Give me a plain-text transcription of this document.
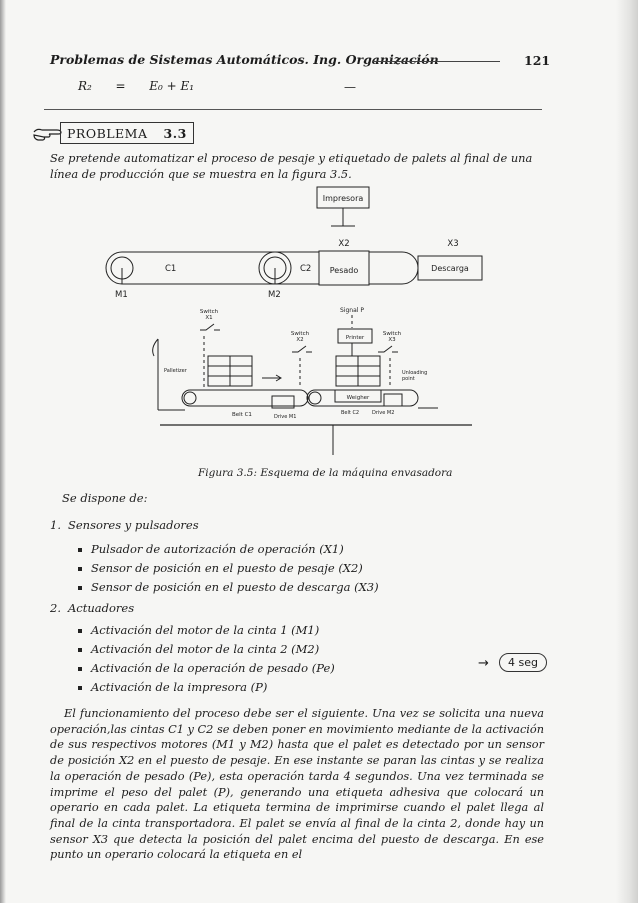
Problemas de Sistemas Automáticos. Ing. Organización	121
R₂ = E₀ + E₁	—
PROBLEMA 3.3
Se pretende automatizar el proceso de pesaje y etiquetado de palets al final de una línea de producción que se muestra en la figura 3.5.
Impresora
X2	X3
C1	C2 Pesado	Descarga
M1	M2
Switch
X1
Signal P
Switch
X2	Printer
Switch
X3
Palletizer	Unloading
point
Belt C1	Drive M1
Weigher
Belt C2	Drive M2
Figura 3.5: Esquema de la máquina envasadora
Se dispone de:
1. Sensores y pulsadores
Pulsador de autorización de operación (X1)
Sensor de posición en el puesto de pesaje (X2)
Sensor de posición en el puesto de descarga (X3)
2. Actuadores
Activación del motor de la cinta 1 (M1)
Activación del motor de la cinta 2 (M2)
Activación de la operación de pesado (Pe)
Activación de la impresora (P)
→	4 seg
El funcionamiento del proceso debe ser el siguiente. Una vez se solicita una nueva operación,las cintas C1 y C2 se deben poner en movimiento mediante de la activación de sus respectivos motores (M1 y M2) hasta que el palet es detectado por un sensor de posición X2 en el puesto de pesaje. En ese instante se paran las cintas y se realiza la operación de pesado (Pe), esta operación tarda 4 segundos. Una vez terminada se imprime el peso del palet (P), generando una etiqueta adhesiva que colocará un operario en cada palet. La etiqueta termina de imprimirse cuando el palet llega al final de la cinta transportadora. El palet se envía al final de la cinta 2, donde hay un sensor X3 que detecta la posición del palet encima del puesto de descarga. En ese punto un operario colocará la etiqueta en el
